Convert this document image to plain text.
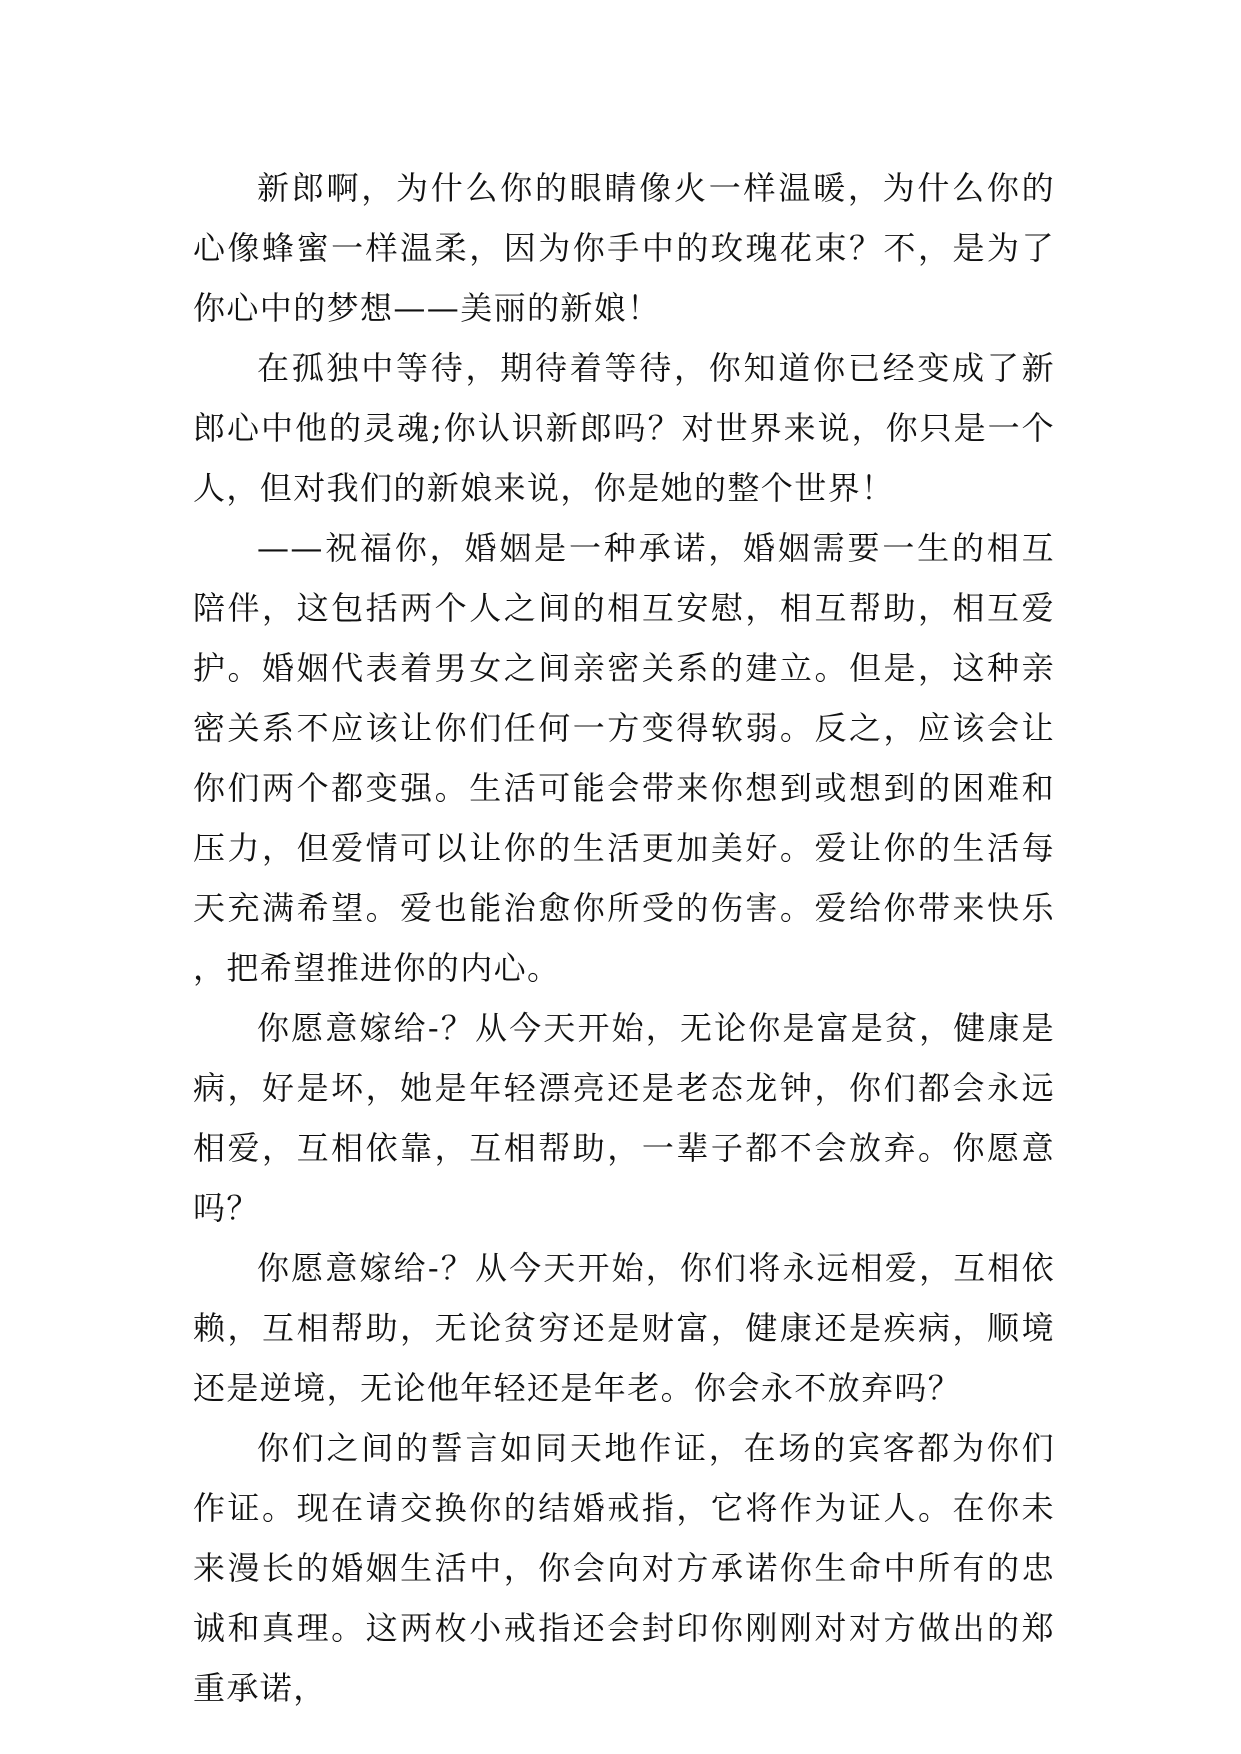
新郎啊，为什么你的眼睛像火一样温暖，为什么你的心像蜂蜜一样温柔，因为你手中的玫瑰花束？不，是为了你心中的梦想——美丽的新娘！

在孤独中等待，期待着等待，你知道你已经变成了新郎心中他的灵魂;你认识新郎吗？对世界来说，你只是一个人，但对我们的新娘来说，你是她的整个世界！

——祝福你，婚姻是一种承诺，婚姻需要一生的相互陪伴，这包括两个人之间的相互安慰，相互帮助，相互爱护。婚姻代表着男女之间亲密关系的建立。但是，这种亲密关系不应该让你们任何一方变得软弱。反之，应该会让你们两个都变强。生活可能会带来你想到或想到的困难和压力，但爱情可以让你的生活更加美好。爱让你的生活每天充满希望。爱也能治愈你所受的伤害。爱给你带来快乐，把希望推进你的内心。

你愿意嫁给-？从今天开始，无论你是富是贫，健康是病，好是坏，她是年轻漂亮还是老态龙钟，你们都会永远相爱，互相依靠，互相帮助，一辈子都不会放弃。你愿意吗？

你愿意嫁给-？从今天开始，你们将永远相爱，互相依赖，互相帮助，无论贫穷还是财富，健康还是疾病，顺境还是逆境，无论他年轻还是年老。你会永不放弃吗？

你们之间的誓言如同天地作证，在场的宾客都为你们作证。现在请交换你的结婚戒指，它将作为证人。在你未来漫长的婚姻生活中，你会向对方承诺你生命中所有的忠诚和真理。这两枚小戒指还会封印你刚刚对对方做出的郑重承诺，
